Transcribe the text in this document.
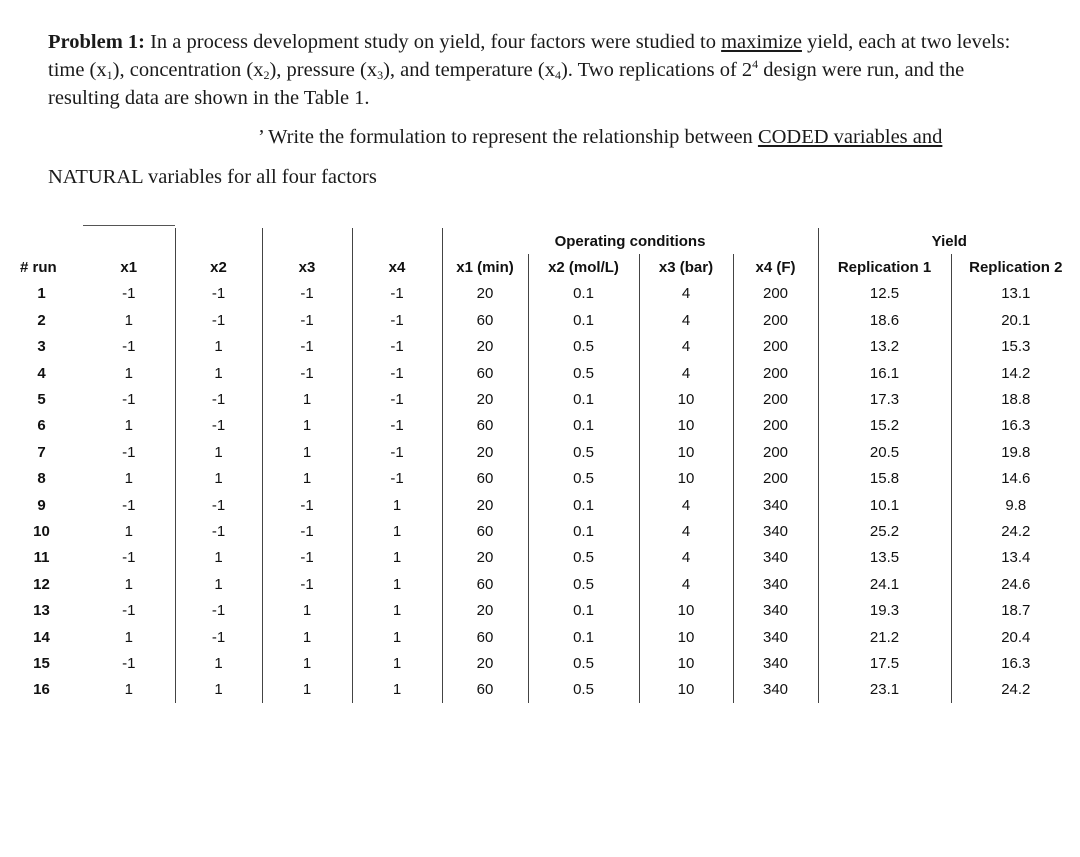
Problem 1: In a process development study on yield, four factors were studied to maximize yield, each at two levels: time $(x_1)$, concentration $(x_2)$, pressure $(x_3)$, and temperature $(x_4)$. Two replications of $2^4$ design were run, and the resulting data are shown in the Table 1.
’ Write the formulation to represent the relationship between CODED variables and
NATURAL variables for all four factors
					Operating conditions				Yield	
# run	x1	x2	x3	x4	x1 (min)	x2 (mol/L)	x3 (bar)	x4 (F)	Replication 1	Replication 2
1	-1	-1	-1	-1	20	0.1	4	200	12.5	13.1
2	1	-1	-1	-1	60	0.1	4	200	18.6	20.1
3	-1	1	-1	-1	20	0.5	4	200	13.2	15.3
4	1	1	-1	-1	60	0.5	4	200	16.1	14.2
5	-1	-1	1	-1	20	0.1	10	200	17.3	18.8
6	1	-1	1	-1	60	0.1	10	200	15.2	16.3
7	-1	1	1	-1	20	0.5	10	200	20.5	19.8
8	1	1	1	-1	60	0.5	10	200	15.8	14.6
9	-1	-1	-1	1	20	0.1	4	340	10.1	9.8
10	1	-1	-1	1	60	0.1	4	340	25.2	24.2
11	-1	1	-1	1	20	0.5	4	340	13.5	13.4
12	1	1	-1	1	60	0.5	4	340	24.1	24.6
13	-1	-1	1	1	20	0.1	10	340	19.3	18.7
14	1	-1	1	1	60	0.1	10	340	21.2	20.4
15	-1	1	1	1	20	0.5	10	340	17.5	16.3
16	1	1	1	1	60	0.5	10	340	23.1	24.2
